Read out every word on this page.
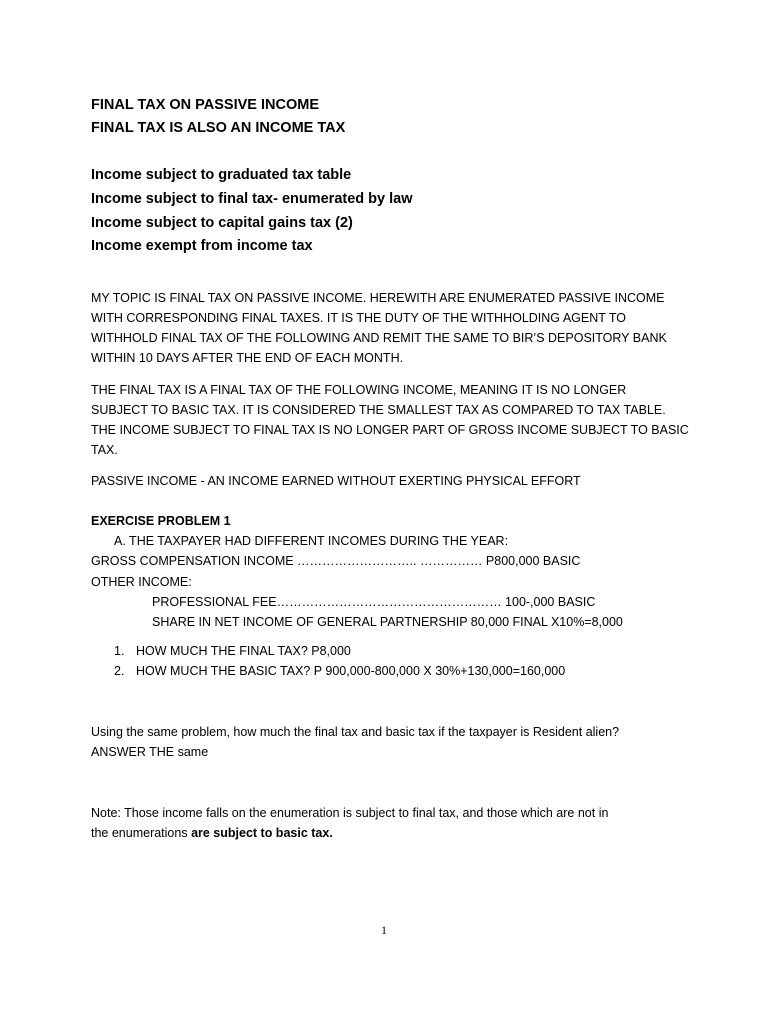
FINAL TAX ON PASSIVE INCOME
FINAL TAX IS ALSO AN INCOME TAX
Income subject to graduated tax table
Income subject to final tax- enumerated by law
Income subject to capital gains tax (2)
Income exempt from income tax
MY TOPIC IS FINAL TAX ON PASSIVE INCOME. HEREWITH ARE ENUMERATED PASSIVE INCOME
WITH CORRESPONDING FINAL TAXES. IT IS THE DUTY OF THE WITHHOLDING AGENT TO
WITHHOLD FINAL TAX OF THE FOLLOWING AND REMIT THE SAME TO BIR’S DEPOSITORY BANK
WITHIN 10 DAYS AFTER THE END OF EACH MONTH.
THE FINAL TAX IS A FINAL TAX OF THE FOLLOWING INCOME, MEANING IT IS NO LONGER
SUBJECT TO BASIC TAX. IT IS CONSIDERED THE SMALLEST TAX AS COMPARED TO TAX TABLE.
THE INCOME SUBJECT TO FINAL TAX IS NO LONGER PART OF GROSS INCOME SUBJECT TO BASIC
TAX.
PASSIVE INCOME - AN INCOME EARNED WITHOUT EXERTING PHYSICAL EFFORT
EXERCISE PROBLEM 1
A. THE TAXPAYER HAD DIFFERENT INCOMES DURING THE YEAR:
GROSS COMPENSATION INCOME ……………………….. …………… P800,000 BASIC
OTHER INCOME:
PROFESSIONAL FEE……………………………………………… 100-,000 BASIC
SHARE IN NET INCOME OF GENERAL PARTNERSHIP 80,000 FINAL X10%=8,000
1. HOW MUCH THE FINAL TAX? P8,000
2. HOW MUCH THE BASIC TAX? P 900,000-800,000 X 30%+130,000=160,000
Using the same problem, how much the final tax and basic tax if the taxpayer is Resident alien?
ANSWER THE same
Note: Those income falls on the enumeration is subject to final tax, and those which are not in
the enumerations are subject to basic tax.
1
